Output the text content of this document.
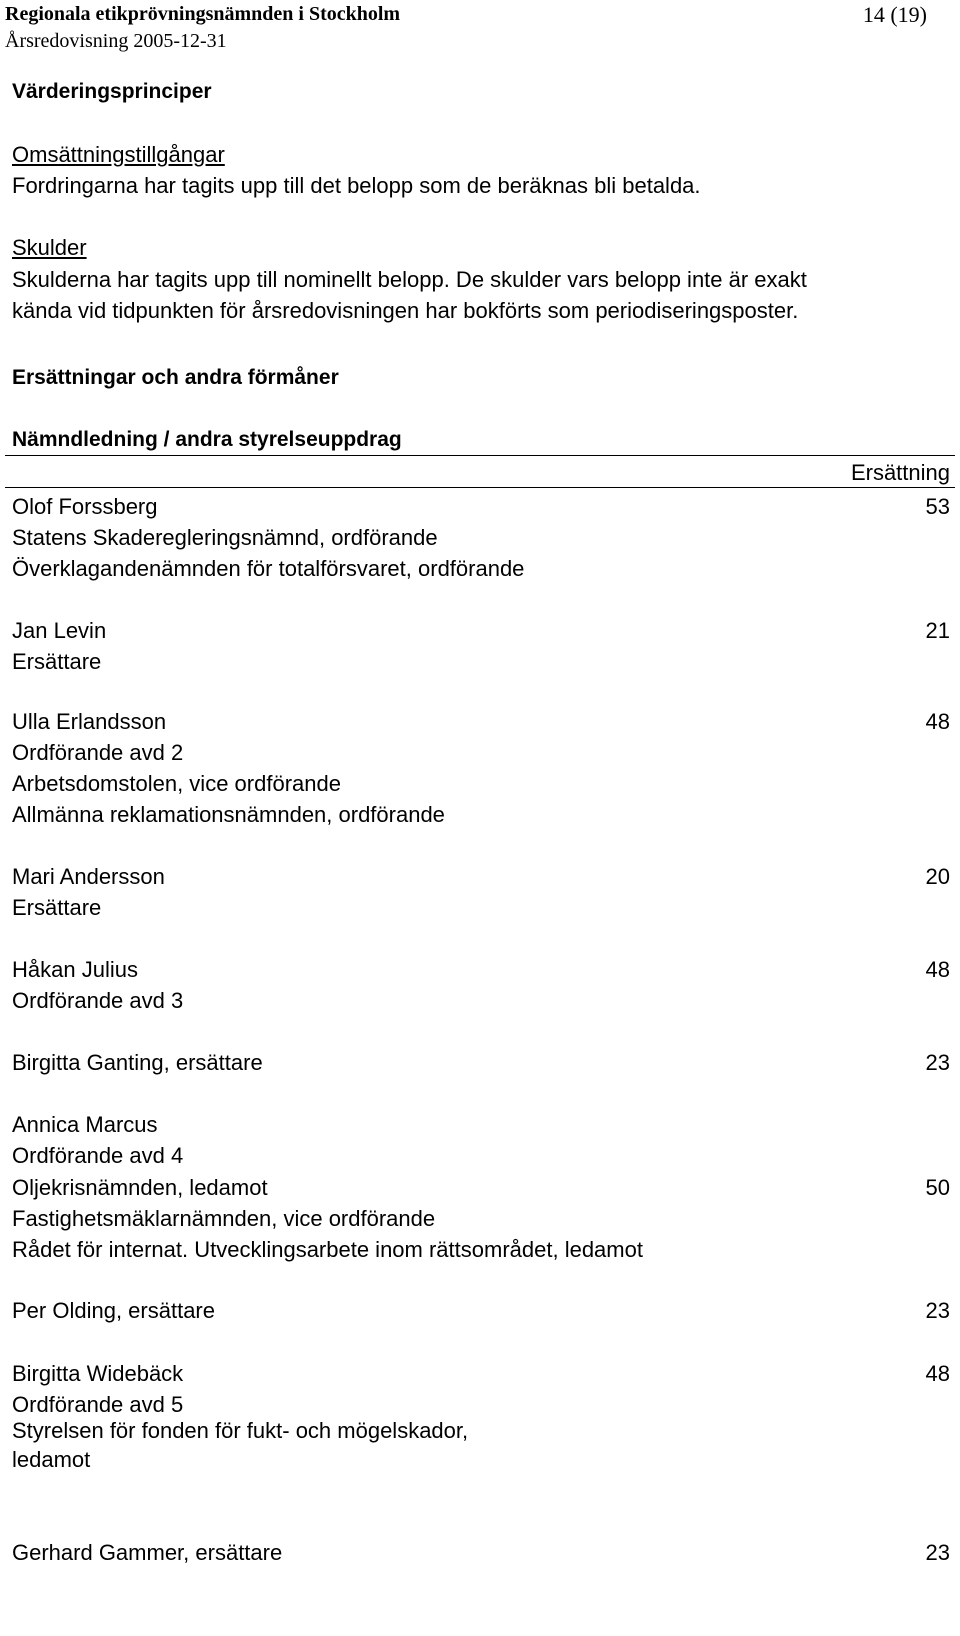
Regionala etikprövningsnämnden i Stockholm
Årsredovisning 2005-12-31
14 (19)
Värderingsprinciper
Omsättningstillgångar
Fordringarna har tagits upp till det belopp som de beräknas bli betalda.
Skulder
Skulderna har tagits upp till nominellt belopp. De skulder vars belopp inte är exakt
kända vid tidpunkten för årsredovisningen har bokförts som periodiseringsposter.
Ersättningar och andra förmåner
Nämndledning / andra styrelseuppdrag
Ersättning
Olof Forssberg	53
Statens Skaderegleringsnämnd, ordförande
Överklagandenämnden för totalförsvaret, ordförande
Jan Levin	21
Ersättare
Ulla Erlandsson	48
Ordförande avd 2
Arbetsdomstolen, vice ordförande
Allmänna reklamationsnämnden, ordförande
Mari Andersson	20
Ersättare
Håkan Julius	48
Ordförande avd 3
Birgitta Ganting, ersättare	23
Annica Marcus
Ordförande avd 4
Oljekrisnämnden, ledamot	50
Fastighetsmäklarnämnden, vice ordförande
Rådet för internat. Utvecklingsarbete inom rättsområdet, ledamot
Per Olding, ersättare	23
Birgitta Widebäck	48
Ordförande avd 5
Styrelsen för fonden för fukt- och mögelskador,
ledamot
Gerhard Gammer, ersättare	23
